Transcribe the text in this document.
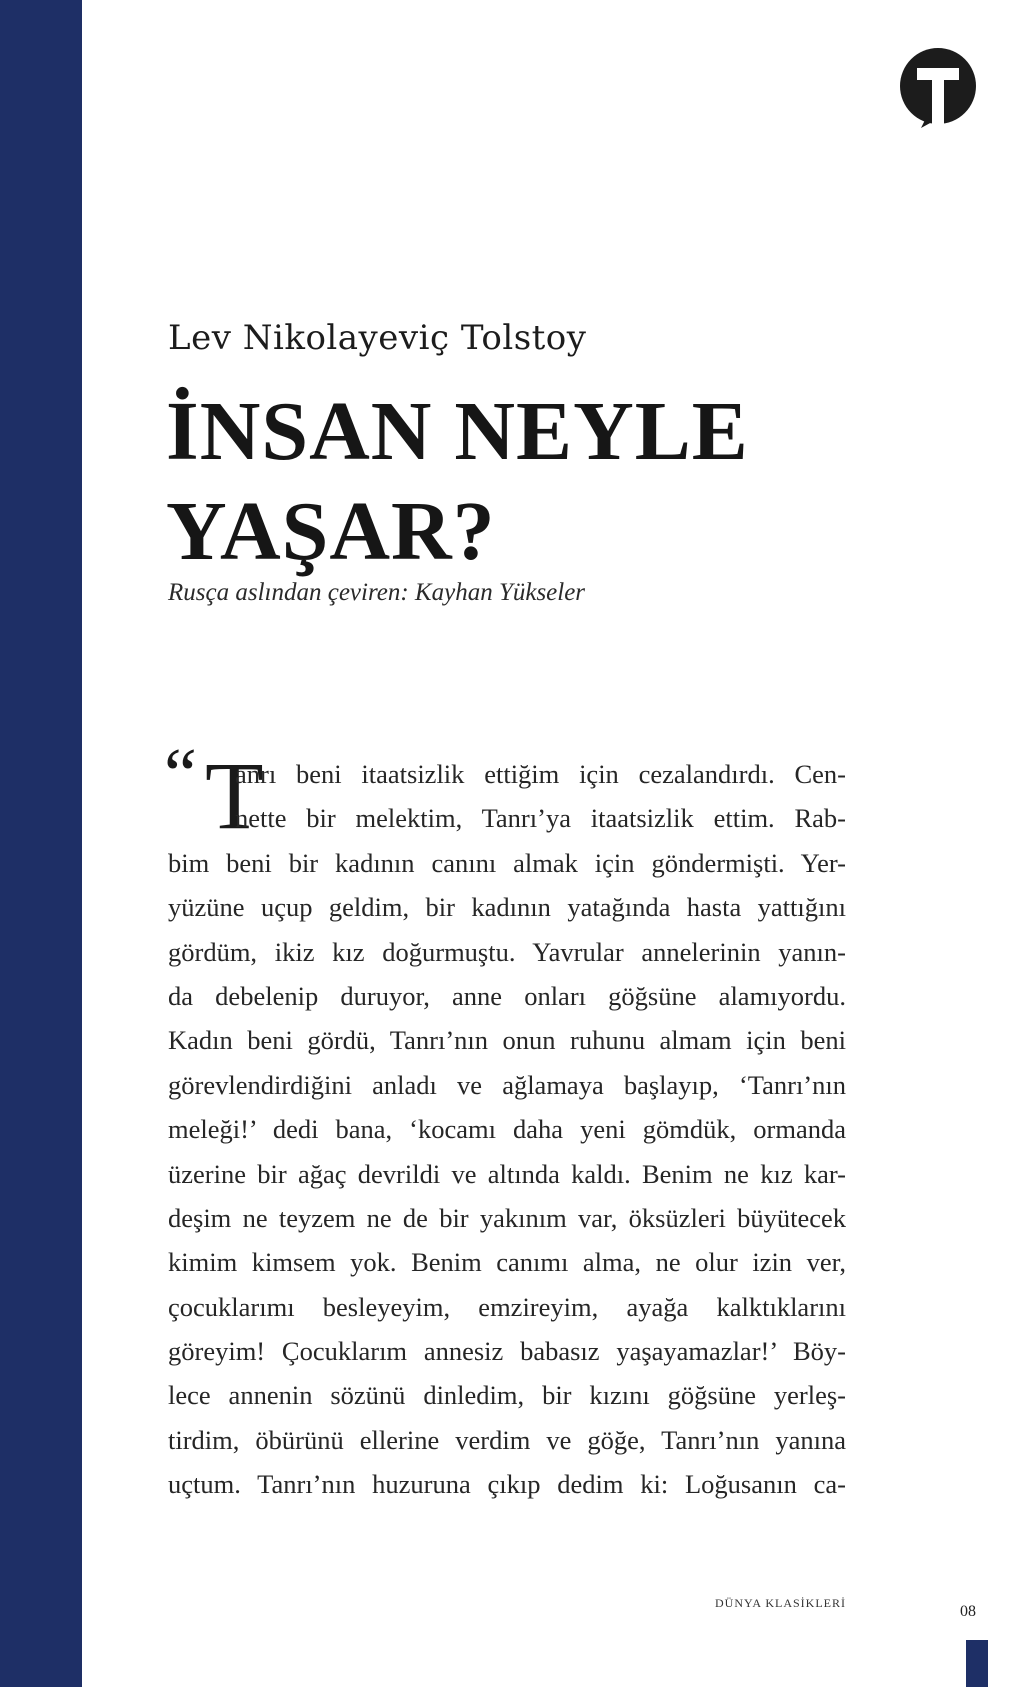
Lev Nikolayeviç Tolstoy
İNSAN NEYLE
YAŞAR?
Rusça aslından çeviren: Kayhan Yükseler
“ T
anrı beni itaatsizlik ettiğim için cezalandırdı. Cen-
nette bir melektim, Tanrı’ya itaatsizlik ettim. Rab-
bim beni bir kadının canını almak için göndermişti. Yer-
yüzüne uçup geldim, bir kadının yatağında hasta yattığını
gördüm, ikiz kız doğurmuştu. Yavrular annelerinin yanın-
da debelenip duruyor, anne onları göğsüne alamıyordu.
Kadın beni gördü, Tanrı’nın onun ruhunu almam için beni
görevlendirdiğini anladı ve ağlamaya başlayıp, ‘Tanrı’nın
meleği!’ dedi bana, ‘kocamı daha yeni gömdük, ormanda
üzerine bir ağaç devrildi ve altında kaldı. Benim ne kız kar-
deşim ne teyzem ne de bir yakınım var, öksüzleri büyütecek
kimim kimsem yok. Benim canımı alma, ne olur izin ver,
çocuklarımı besleyeyim, emzireyim, ayağa kalktıklarını
göreyim! Çocuklarım annesiz babasız yaşayamazlar!’ Böy-
lece annenin sözünü dinledim, bir kızını göğsüne yerleş-
tirdim, öbürünü ellerine verdim ve göğe, Tanrı’nın yanına
uçtum. Tanrı’nın huzuruna çıkıp dedim ki: Loğusanın ca-
DÜNYA KLASİKLERİ	08
